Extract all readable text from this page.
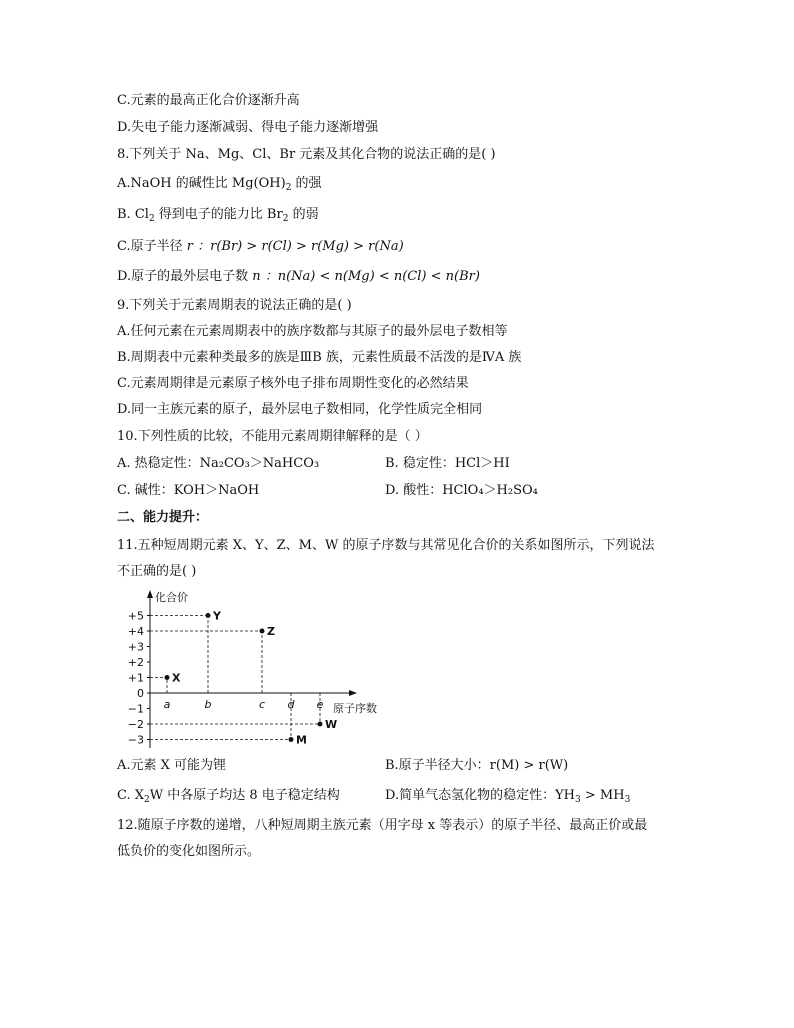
C.元素的最高正化合价逐渐升高
D.失电子能力逐渐减弱、得电子能力逐渐增强
8.下列关于 Na、Mg、Cl、Br 元素及其化合物的说法正确的是( )
A.NaOH 的碱性比 $Mg(OH)_2$ 的强
B. $Cl_2$ 得到电子的能力比 $Br_2$ 的弱
C.原子半径 r ：r(Br) > r(Cl) > r(Mg) > r(Na)
D.原子的最外层电子数 n ：n(Na) < n(Mg) < n(Cl) < n(Br)
9.下列关于元素周期表的说法正确的是( )
A.任何元素在元素周期表中的族序数都与其原子的最外层电子数相等
B.周期表中元素种类最多的族是ⅢB 族，元素性质最不活泼的是ⅣA 族
C.元素周期律是元素原子核外电子排布周期性变化的必然结果
D.同一主族元素的原子，最外层电子数相同，化学性质完全相同
10.下列性质的比较，不能用元素周期律解释的是（ ）
A. 热稳定性：Na₂CO₃＞NaHCO₃	B. 稳定性：HCl＞HI
C. 碱性：KOH＞NaOH	D. 酸性：HClO₄＞H₂SO₄
二、能力提升：
11.五种短周期元素 X、Y、Z、M、W 的原子序数与其常见化合价的关系如图所示，下列说法
不正确的是( )
化合价
原子序数
+5
+4
+3
+2
+1
0
−1
−2
−3
a	b	c d e
X
Y
Z
M
W
A.元素 X 可能为锂	B.原子半径大小：r(M) > r(W)
C. $X_2W$ 中各原子均达 8 电子稳定结构	D.简单气态氢化物的稳定性：$YH_3 > MH_3$
12.随原子序数的递增，八种短周期主族元素（用字母 x 等表示）的原子半径、最高正价或最
低负价的变化如图所示。
